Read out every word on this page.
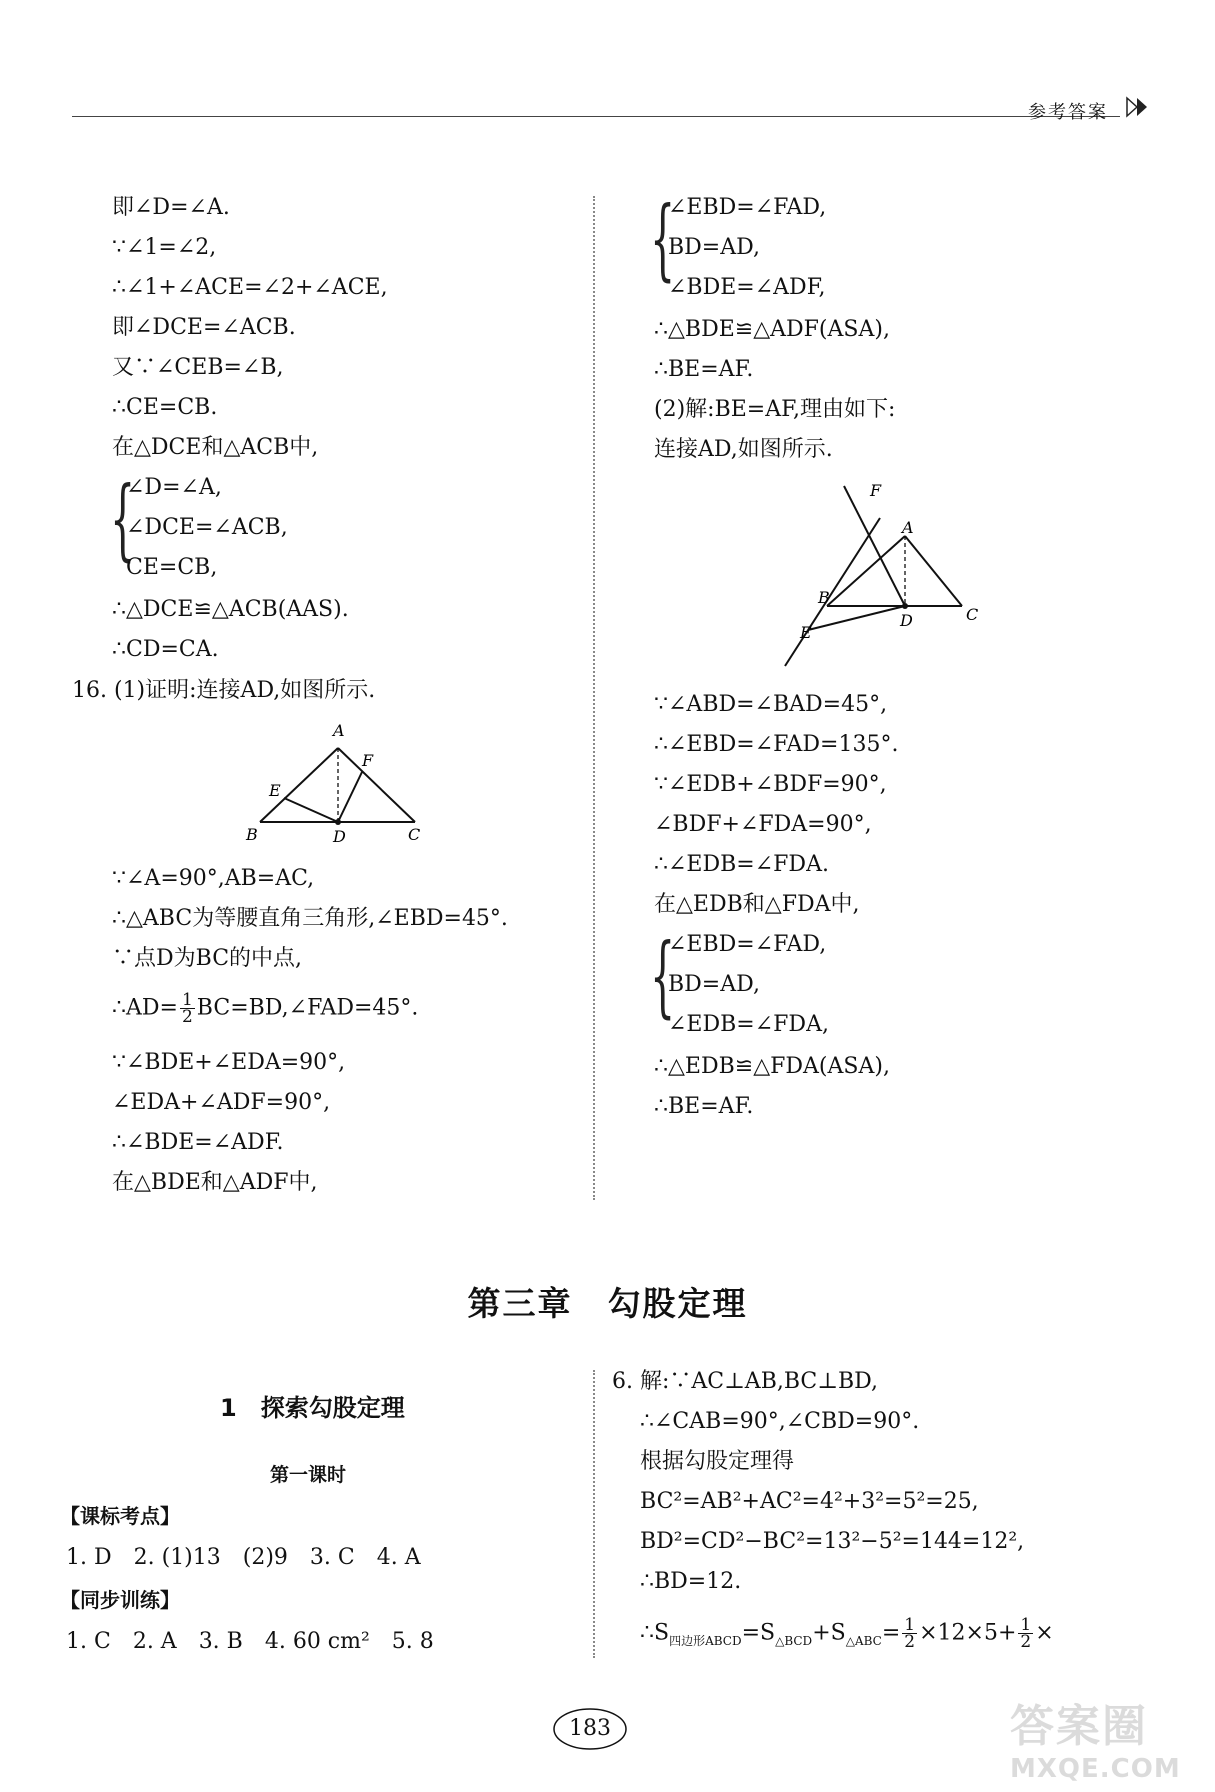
参考答案
即∠D=∠A.
∵∠1=∠2,
∴∠1+∠ACE=∠2+∠ACE,
即∠DCE=∠ACB.
又∵∠CEB=∠B,
∴CE=CB.
在△DCE和△ACB中,
{
∠D=∠A,
∠DCE=∠ACB,
CE=CB,
∴△DCE≌△ACB(AAS).
∴CD=CA.
16. (1)证明:连接AD,如图所示.
A
F
E
B	D	C
∵∠A=90°,AB=AC,
∴△ABC为等腰直角三角形,∠EBD=45°.
∵点D为BC的中点,
∴AD= $\frac{1}{2}$ BC=BD,∠FAD=45°.
∵∠BDE+∠EDA=90°,
∠EDA+∠ADF=90°,
∴∠BDE=∠ADF.
在△BDE和△ADF中,
{
∠EBD=∠FAD,
BD=AD,
∠BDE=∠ADF,
∴△BDE≌△ADF(ASA),
∴BE=AF.
(2)解:BE=AF,理由如下:
连接AD,如图所示.
F
A
B
D	C
E
∵∠ABD=∠BAD=45°,
∴∠EBD=∠FAD=135°.
∵∠EDB+∠BDF=90°,
∠BDF+∠FDA=90°,
∴∠EDB=∠FDA.
在△EDB和△FDA中,
{
∠EBD=∠FAD,
BD=AD,
∠EDB=∠FDA,
∴△EDB≌△FDA(ASA),
∴BE=AF.
第三章　勾股定理
1　探索勾股定理
第一课时
【课标考点】
1. D　2. (1)13　(2)9　3. C　4. A
【同步训练】
1. C　2. A　3. B　4. 60 cm²　5. 8
6. 解:∵AC⊥AB,BC⊥BD,
∴∠CAB=90°,∠CBD=90°.
根据勾股定理得
BC²=AB²+AC²=4²+3²=5²=25,
BD²=CD²−BC²=13²−5²=144=12²,
∴BD=12.
$\therefore S_{四边形ABCD}=S_{\triangle BCD}+S_{\triangle ABC}= \frac{1}{2} \times 12\times 5+ \frac{1}{2}$ ×
183	答案圈
MXQE.COM
